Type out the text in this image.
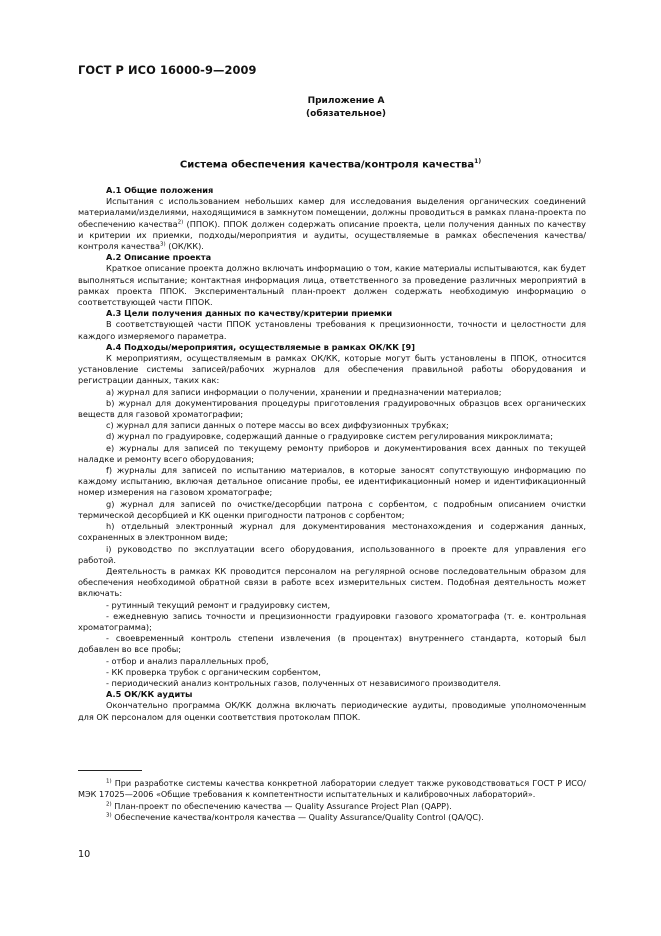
ГОСТ Р ИСО 16000-9—2009
Приложение А
(обязательное)
Система обеспечения качества/контроля качества$^{1)}$

A.1 Общие положения

Испытания с использованием небольших камер для исследования выделения органических соединений материалами/изделиями, находящимися в замкнутом помещении, должны проводиться в рамках плана-проекта по обеспечению качества$^{2)}$ (ППОК). ППОК должен содержать описание проекта, цели получения данных по качеству и критерии их приемки, подходы/мероприятия и аудиты, осуществляемые в рамках обеспечения качества/контроля качества$^{3)}$ (ОК/КК).

A.2 Описание проекта

Краткое описание проекта должно включать информацию о том, какие материалы испытываются, как будет выполняться испытание; контактная информация лица, ответственного за проведение различных мероприятий в рамках проекта ППОК. Экспериментальный план-проект должен содержать необходимую информацию о соответствующей части ППОК.

A.3 Цели получения данных по качеству/критерии приемки

В соответствующей части ППОК установлены требования к прецизионности, точности и целостности для каждого измеряемого параметра.

A.4 Подходы/мероприятия, осуществляемые в рамках ОК/КК [9]

К мероприятиям, осуществляемым в рамках ОК/КК, которые могут быть установлены в ППОК, относится установление системы записей/рабочих журналов для обеспечения правильной работы оборудования и регистрации данных, таких как:

a) журнал для записи информации о получении, хранении и предназначении материалов;

b) журнал для документирования процедуры приготовления градуировочных образцов всех органических веществ для газовой хроматографии;

c) журнал для записи данных о потере массы во всех диффузионных трубках;

d) журнал по градуировке, содержащий данные о градуировке систем регулирования микроклимата;

e) журналы для записей по текущему ремонту приборов и документирования всех данных по текущей наладке и ремонту всего оборудования;

f) журналы для записей по испытанию материалов, в которые заносят сопутствующую информацию по каждому испытанию, включая детальное описание пробы, ее идентификационный номер и идентификационный номер измерения на газовом хроматографе;

g) журнал для записей по очистке/десорбции патрона с сорбентом, с подробным описанием очистки термической десорбцией и КК оценки пригодности патронов с сорбентом;

h) отдельный электронный журнал для документирования местонахождения и содержания данных, сохраненных в электронном виде;

i) руководство по эксплуатации всего оборудования, использованного в проекте для управления его работой.

Деятельность в рамках КК проводится персоналом на регулярной основе последовательным образом для обеспечения необходимой обратной связи в работе всех измерительных систем. Подобная деятельность может включать:

- рутинный текущий ремонт и градуировку систем,

- ежедневную запись точности и прецизионности градуировки газового хроматографа (т. е. контрольная хроматограмма);

- своевременный контроль степени извлечения (в процентах) внутреннего стандарта, который был добавлен во все пробы;

- отбор и анализ параллельных проб,

- КК проверка трубок с органическим сорбентом,

- периодический анализ контрольных газов, полученных от независимого производителя.

A.5 ОК/КК аудиты

Окончательно программа ОК/КК должна включать периодические аудиты, проводимые уполномоченным для ОК персоналом для оценки соответствия протоколам ППОК.

$^{1)}$ При разработке системы качества конкретной лаборатории следует также руководствоваться ГОСТ Р ИСО/МЭК 17025—2006 «Общие требования к компетентности испытательных и калибровочных лабораторий».

$^{2)}$ План-проект по обеспечению качества — Quality Assurance Project Plan (QAPP).

$^{3)}$ Обеспечение качества/контроля качества — Quality Assurance/Quality Control (QA/QC).

10
